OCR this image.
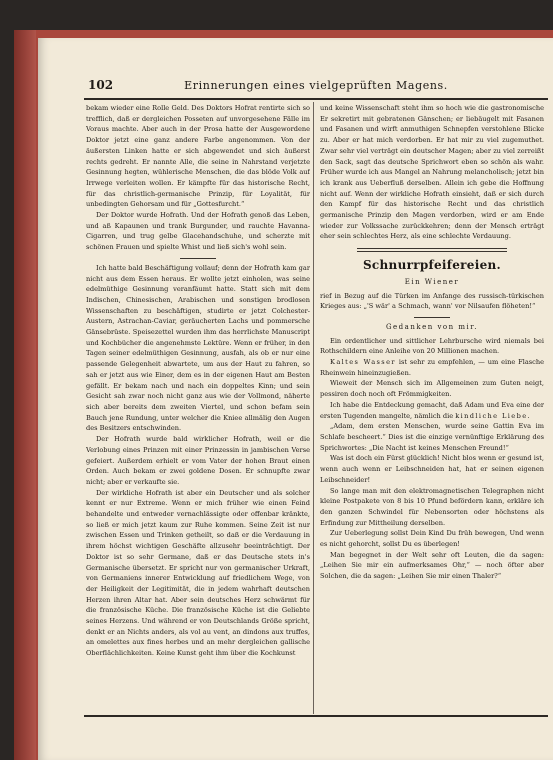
102	Erinnerungen eines vielgeprüften Magens.

bekam wieder eine Rolle Geld. Des Doktors Hofrat rentirte sich so trefflich, daß er dergleichen Posseten auf unvorgesehene Fälle im Voraus machte. Aber auch in der Prosa hatte der Ausgewordene Doktor jetzt eine ganz andere Farbe angenommen. Von der äußersten Linken hatte er sich abgewendet und sich äußerst rechts gedreht. Er nannte Alle, die seine in Nahrstand verjetzte Gesinnung hegten, wühlerische Menschen, die das blöde Volk auf Irrwege verleiten wollen. Er kämpfte für das historische Recht, für das christlich-germanische Prinzip, für Loyalität, für unbedingten Gehorsam und für „Gottesfurcht.“

Der Doktor wurde Hofrath. Und der Hofrath genoß das Leben, und aß Kapaunen und trank Burgunder, und rauchte Havanna-Cigarren, und trug gelbe Glacehandschuhe, und scherzte mit schönen Frauen und spielte Whist und ließ sich's wohl sein.

Ich hatte bald Beschäftigung vollauf; denn der Hofrath kam gar nicht aus dem Essen heraus. Er wollte jetzt einholen, was seine edelmüthige Gesinnung veranfäumt hatte. Statt sich mit dem Indischen, Chinesischen, Arabischen und sonstigen brodlosen Wissenschaften zu beschäftigen, studirte er jetzt Colchester-Austern, Astrachan-Caviar, geräucherten Lachs und pommersche Gänsebrüste. Speisezettel wurden ihm das herrlichste Manuscript und Kochbücher die angenehmste Lektüre. Wenn er früher, in den Tagen seiner edelmüthigen Gesinnung, ausfah, als ob er nur eine passende Gelegenheit abwartete, um aus der Haut zu fahren, so sah er jetzt aus wie Einer, dem es in der eigenen Haut am Besten gefällt. Er bekam nach und nach ein doppeltes Kinn; und sein Gesicht sah zwar noch nicht ganz aus wie der Vollmond, näherte sich aber bereits dem zweiten Viertel, und schon befam sein Bauch jene Rundung, unter welcher die Kniee allmälig den Augen des Besitzers entschwinden.

Der Hofrath wurde bald wirklicher Hofrath, weil er die Verlobung eines Prinzen mit einer Prinzessin in jambischen Verse gefeiert. Außerdem erhielt er vom Vater der hohen Braut einen Orden. Auch bekam er zwei goldene Dosen. Er schnupfte zwar nicht; aber er verkaufte sie.

Der wirkliche Hofrath ist aber ein Deutscher und als solcher kennt er nur Extreme. Wenn er mich früher wie einen Feind behandelte und entweder vernachlässigte oder offenbar kränkte, so ließ er mich jetzt kaum zur Ruhe kommen. Seine Zeit ist nur zwischen Essen und Trinken getheilt, so daß er die Verdauung in ihrem höchst wichtigen Geschäfte allzusehr beeinträchtigt. Der Doktor ist so sehr Germane, daß er das Deutsche stets in's Germanische übersetzt. Er spricht nur von germanischer Urkraft, von Germaniens innerer Entwicklung auf friedlichem Wege, von der Heiligkeit der Legitimität, die in jedem wahrhaft deutschen Herzen ihren Altar hat. Aber sein deutsches Herz schwärmt für die französische Küche. Die französische Küche ist die Geliebte seines Herzens. Und während er von Deutschlands Größe spricht, denkt er an Nichts anders, als vol au vent, an dindons aux truffes, an omelettes aux fines herbes und an mehr dergleichen gallische Oberflächlichkeiten. Keine Kunst geht ihm über die Kochkunst

und keine Wissenschaft steht ihm so hoch wie die gastronomische Er sekretirt mit gebratenen Gänschen; er liebäugelt mit Fasanen und Fasanen und wirft anmuthigen Schnepfen verstohlene Blicke zu. Aber er hat mich verdorben. Er hat mir zu viel zugemuthet. Zwar sehr viel verträgt ein deutscher Magen; aber zu viel zerreißt den Sack, sagt das deutsche Sprichwort eben so schön als wahr. Früher wurde ich aus Mangel an Nahrung melancholisch; jetzt bin ich krank aus Ueberfluß derselben. Allein ich gebe die Hoffnung nicht auf. Wenn der wirkliche Hofrath einsieht, daß er sich durch den Kampf für das historische Recht und das christlich germanische Prinzip den Magen verdorben, wird er am Ende wieder zur Volkssache zurückkehren; denn der Mensch erträgt eher sein schlechtes Herz, als eine schlechte Verdauung.

Schnurrpfeifereien.
Ein Wiener

rief in Bezug auf die Türken im Anfange des russisch-türkischen Krieges aus: „'S wär' a Schmach, wann' vor Nilsaufen flöheten!“

Gedanken von mir.

Ein ordentlicher und sittlicher Lehrbursche wird niemals bei Rothschildern eine Anleihe von 20 Millionen machen.

Kaltes Wasser ist sehr zu empfehlen, — um eine Flasche Rheinwein hineinzugießen.

Wieweit der Mensch sich im Allgemeinen zum Guten neigt, pessiren doch noch oft Frömmigkeiten.

Ich habe die Entdeckung gemacht, daß Adam und Eva eine der ersten Tugenden mangelte, nämlich die kindliche Liebe.

„Adam, dem ersten Menschen, wurde seine Gattin Eva im Schlafe bescheert.“ Dies ist die einzige vernünftige Erklärung des Sprichwortes: „Die Nacht ist keines Menschen Freund!“

Was ist doch ein Fürst glücklich! Nicht blos wenn er gesund ist, wenn auch wenn er Leibschneiden hat, hat er seinen eigenen Leibschneider!

So lange man mit den elektromagnetischen Telegraphen nicht kleine Postpakete von 8 bis 10 Pfund befördern kann, erkläre ich den ganzen Schwindel für Nebensorten oder höchstens als Erfindung zur Mittheilung derselben.

Zur Ueberlegung sollst Dein Kind Du früh bewegen, Und wenn es nicht gehorcht, sollst Du es überlegen!

Man begegnet in der Welt sehr oft Leuten, die da sagen: „Leihen Sie mir ein aufmerksames Ohr,“ — noch öfter aber Solchen, die da sagen: „Leihen Sie mir einen Thaler?“
